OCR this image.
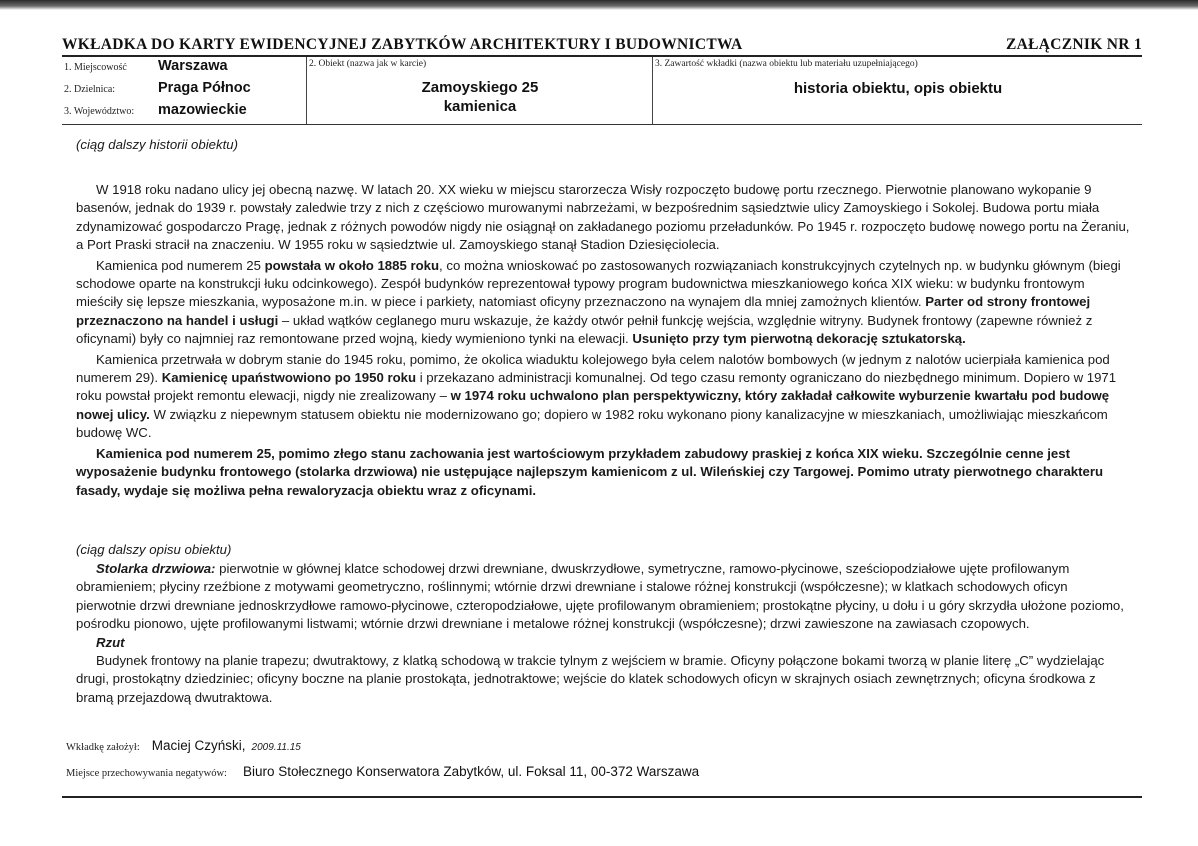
WKŁADKA DO KARTY EWIDENCYJNEJ ZABYTKÓW ARCHITEKTURY I BUDOWNICTWA	ZAŁĄCZNIK NR 1
1. Miejscowość	Warszawa
2. Dzielnica:	Praga Północ
3. Województwo:	mazowieckie
2. Obiekt (nazwa jak w karcie)
Zamoyskiego 25
kamienica
3. Zawartość wkładki (nazwa obiektu lub materiału uzupełniającego)
historia obiektu, opis obiektu
(ciąg dalszy historii obiektu)

W 1918 roku nadano ulicy jej obecną nazwę. W latach 20. XX wieku w miejscu starorzecza Wisły rozpoczęto budowę portu rzecznego. Pierwotnie planowano wykopanie 9 basenów, jednak do 1939 r. powstały zaledwie trzy z nich z częściowo murowanymi nabrzeżami, w bezpośrednim sąsiedztwie ulicy Zamoyskiego i Sokolej. Budowa portu miała zdynamizować gospodarczo Pragę, jednak z różnych powodów nigdy nie osiągnął on zakładanego poziomu przeładunków. Po 1945 r. rozpoczęto budowę nowego portu na Żeraniu, a Port Praski stracił na znaczeniu. W 1955 roku w sąsiedztwie ul. Zamoyskiego stanął Stadion Dziesięciolecia.

Kamienica pod numerem 25 powstała w około 1885 roku, co można wnioskować po zastosowanych rozwiązaniach konstrukcyjnych czytelnych np. w budynku głównym (biegi schodowe oparte na konstrukcji łuku odcinkowego). Zespół budynków reprezentował typowy program budownictwa mieszkaniowego końca XIX wieku: w budynku frontowym mieściły się lepsze mieszkania, wyposażone m.in. w piece i parkiety, natomiast oficyny przeznaczono na wynajem dla mniej zamożnych klientów. Parter od strony frontowej przeznaczono na handel i usługi – układ wątków ceglanego muru wskazuje, że każdy otwór pełnił funkcję wejścia, względnie witryny. Budynek frontowy (zapewne również z oficynami) były co najmniej raz remontowane przed wojną, kiedy wymieniono tynki na elewacji. Usunięto przy tym pierwotną dekorację sztukatorską.

Kamienica przetrwała w dobrym stanie do 1945 roku, pomimo, że okolica wiaduktu kolejowego była celem nalotów bombowych (w jednym z nalotów ucierpiała kamienica pod numerem 29). Kamienicę upaństwowiono po 1950 roku i przekazano administracji komunalnej. Od tego czasu remonty ograniczano do niezbędnego minimum. Dopiero w 1971 roku powstał projekt remontu elewacji, nigdy nie zrealizowany – w 1974 roku uchwalono plan perspektywiczny, który zakładał całkowite wyburzenie kwartału pod budowę nowej ulicy. W związku z niepewnym statusem obiektu nie modernizowano go; dopiero w 1982 roku wykonano piony kanalizacyjne w mieszkaniach, umożliwiając mieszkańcom budowę WC.

Kamienica pod numerem 25, pomimo złego stanu zachowania jest wartościowym przykładem zabudowy praskiej z końca XIX wieku. Szczególnie cenne jest wyposażenie budynku frontowego (stolarka drzwiowa) nie ustępujące najlepszym kamienicom z ul. Wileńskiej czy Targowej. Pomimo utraty pierwotnego charakteru fasady, wydaje się możliwa pełna rewaloryzacja obiektu wraz z oficynami.

(ciąg dalszy opisu obiektu)

Stolarka drzwiowa: pierwotnie w głównej klatce schodowej drzwi drewniane, dwuskrzydłowe, symetryczne, ramowo-płycinowe, sześciopodziałowe ujęte profilowanym obramieniem; płyciny rzeźbione z motywami geometryczno, roślinnymi; wtórnie drzwi drewniane i stalowe różnej konstrukcji (współczesne); w klatkach schodowych oficyn pierwotnie drzwi drewniane jednoskrzydłowe ramowo-płycinowe, czteropodziałowe, ujęte profilowanym obramieniem; prostokątne płyciny, u dołu i u góry skrzydła ułożone poziomo, pośrodku pionowo, ujęte profilowanymi listwami; wtórnie drzwi drewniane i metalowe różnej konstrukcji (współczesne); drzwi zawieszone na zawiasach czopowych.

Rzut

Budynek frontowy na planie trapezu; dwutraktowy, z klatką schodową w trakcie tylnym z wejściem w bramie. Oficyny połączone bokami tworzą w planie literę „C” wydzielając drugi, prostokątny dziedziniec; oficyny boczne na planie prostokąta, jednotraktowe; wejście do klatek schodowych oficyn w skrajnych osiach zewnętrznych; oficyna środkowa z bramą przejazdową dwutraktowa.

Wkładkę założył: Maciej Czyński, 2009.11.15
Miejsce przechowywania negatywów: Biuro Stołecznego Konserwatora Zabytków, ul. Foksal 11, 00-372 Warszawa
